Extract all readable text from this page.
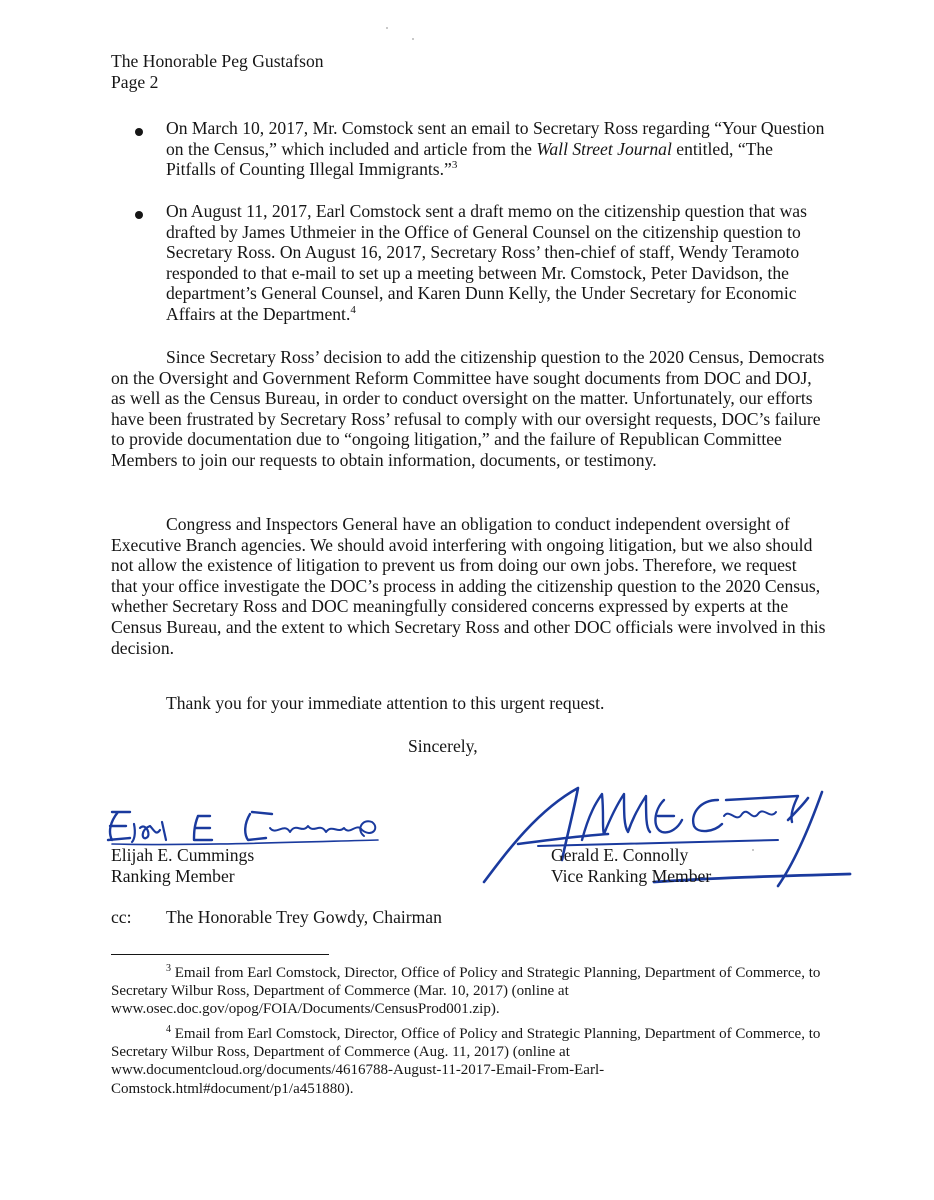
The Honorable Peg Gustafson
Page 2
On March 10, 2017, Mr. Comstock sent an email to Secretary Ross regarding “Your Question on the Census,” which included and article from the Wall Street Journal entitled, “The Pitfalls of Counting Illegal Immigrants.”$^3$
On August 11, 2017, Earl Comstock sent a draft memo on the citizenship question that was drafted by James Uthmeier in the Office of General Counsel on the citizenship question to Secretary Ross. On August 16, 2017, Secretary Ross’ then-chief of staff, Wendy Teramoto responded to that e-mail to set up a meeting between Mr. Comstock, Peter Davidson, the department’s General Counsel, and Karen Dunn Kelly, the Under Secretary for Economic Affairs at the Department.$^4$
Since Secretary Ross’ decision to add the citizenship question to the 2020 Census, Democrats on the Oversight and Government Reform Committee have sought documents from DOC and DOJ, as well as the Census Bureau, in order to conduct oversight on the matter. Unfortunately, our efforts have been frustrated by Secretary Ross’ refusal to comply with our oversight requests, DOC’s failure to provide documentation due to “ongoing litigation,” and the failure of Republican Committee Members to join our requests to obtain information, documents, or testimony.
Congress and Inspectors General have an obligation to conduct independent oversight of Executive Branch agencies. We should avoid interfering with ongoing litigation, but we also should not allow the existence of litigation to prevent us from doing our own jobs. Therefore, we request that your office investigate the DOC’s process in adding the citizenship question to the 2020 Census, whether Secretary Ross and DOC meaningfully considered concerns expressed by experts at the Census Bureau, and the extent to which Secretary Ross and other DOC officials were involved in this decision.
Thank you for your immediate attention to this urgent request.
Sincerely,
Elijah E. Cummings
Ranking Member
Gerald E. Connolly
Vice Ranking Member
cc: The Honorable Trey Gowdy, Chairman
$^3$ Email from Earl Comstock, Director, Office of Policy and Strategic Planning, Department of Commerce, to Secretary Wilbur Ross, Department of Commerce (Mar. 10, 2017) (online at www.osec.doc.gov/opog/FOIA/Documents/CensusProd001.zip).
$^4$ Email from Earl Comstock, Director, Office of Policy and Strategic Planning, Department of Commerce, to Secretary Wilbur Ross, Department of Commerce (Aug. 11, 2017) (online at www.documentcloud.org/documents/4616788-August-11-2017-Email-From-Earl-Comstock.html#document/p1/a451880).
